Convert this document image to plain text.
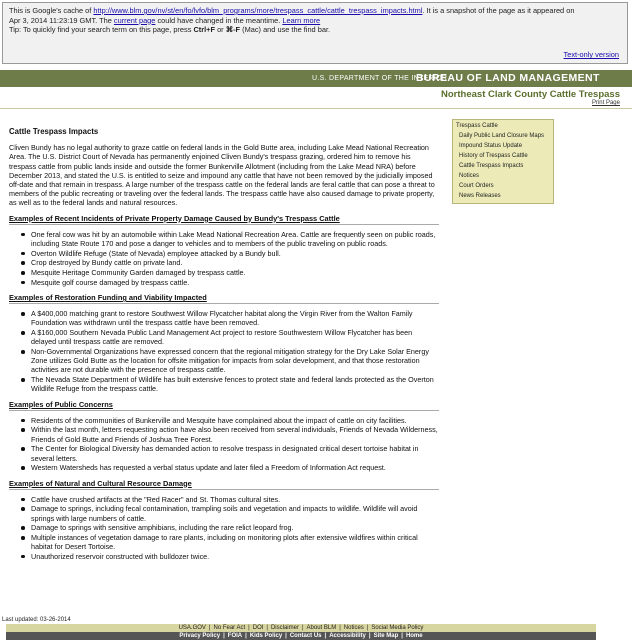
This is Google's cache of http://www.blm.gov/nv/st/en/fo/lvfo/blm_programs/more/trespass_cattle/cattle_trespass_impacts.html. It is a snapshot of the page as it appeared on
Apr 3, 2014 11:23:19 GMT. The current page could have changed in the meantime. Learn more
Tip: To quickly find your search term on this page, press Ctrl+F or ⌘-F (Mac) and use the find bar.
Text-only version
U.S. DEPARTMENT OF THE INTERIOR
BUREAU OF LAND MANAGEMENT
Northeast Clark County Cattle Trespass
Print Page
Cattle Trespass Impacts

Cliven Bundy has no legal authority to graze cattle on federal lands in the Gold Butte area, including Lake Mead National Recreation Area. The U.S. District Court of Nevada has permanently enjoined Cliven Bundy's trespass grazing, ordered him to remove his trespass cattle from public lands inside and outside the former Bunkerville Allotment (including from the Lake Mead NRA) before December 2013, and stated the U.S. is entitled to seize and impound any cattle that have not been removed by the judicially imposed off-date and that remain in trespass. A large number of the trespass cattle on the federal lands are feral cattle that can pose a threat to members of the public recreating or traveling over the federal lands. The trespass cattle have also caused damage to private property, as well as to the federal lands and natural resources.

Examples of Recent Incidents of Private Property Damage Caused by Bundy's Trespass Cattle
One feral cow was hit by an automobile within Lake Mead National Recreation Area. Cattle are frequently seen on public roads, including State Route 170 and pose a danger to vehicles and to members of the public traveling on public roads.
Overton Wildlife Refuge (State of Nevada) employee attacked by a Bundy bull.
Crop destroyed by Bundy cattle on private land.
Mesquite Heritage Community Garden damaged by trespass cattle.
Mesquite golf course damaged by trespass cattle.
Examples of Restoration Funding and Viability Impacted
A $400,000 matching grant to restore Southwest Willow Flycatcher habitat along the Virgin River from the Walton Family Foundation was withdrawn until the trespass cattle have been removed.
A $160,000 Southern Nevada Public Land Management Act project to restore Southwestern Willow Flycatcher has been delayed until trespass cattle are removed.
Non-Governmental Organizations have expressed concern that the regional mitigation strategy for the Dry Lake Solar Energy Zone utilizes Gold Butte as the location for offsite mitigation for impacts from solar development, and that those restoration activities are not durable with the presence of trespass cattle.
The Nevada State Department of Wildlife has built extensive fences to protect state and federal lands protected as the Overton Wildlife Refuge from the trespass cattle.
Examples of Public Concerns
Residents of the communities of Bunkerville and Mesquite have complained about the impact of cattle on city facilities.
Within the last month, letters requesting action have also been received from several individuals, Friends of Nevada Wilderness, Friends of Gold Butte and Friends of Joshua Tree Forest.
The Center for Biological Diversity has demanded action to resolve trespass in designated critical desert tortoise habitat in several letters.
Western Watersheds has requested a verbal status update and later filed a Freedom of Information Act request.
Examples of Natural and Cultural Resource Damage
Cattle have crushed artifacts at the "Red Racer" and St. Thomas cultural sites.
Damage to springs, including fecal contamination, trampling soils and vegetation and impacts to wildlife. Wildlife will avoid springs with large numbers of cattle.
Damage to springs with sensitive amphibians, including the rare relict leopard frog.
Multiple instances of vegetation damage to rare plants, including on monitoring plots after extensive wildfires within critical habitat for Desert Tortoise.
Unauthorized reservoir constructed with bulldozer twice.
Trespass Cattle
Daily Public Land Closure Maps
Impound Status Update
History of Trespass Cattle
Cattle Trespass Impacts
Notices
Court Orders
News Releases
Last updated: 03-26-2014
USA.GOV | No Fear Act | DOI | Disclaimer | About BLM | Notices | Social Media Policy
Privacy Policy | FOIA | Kids Policy | Contact Us | Accessibility | Site Map | Home
